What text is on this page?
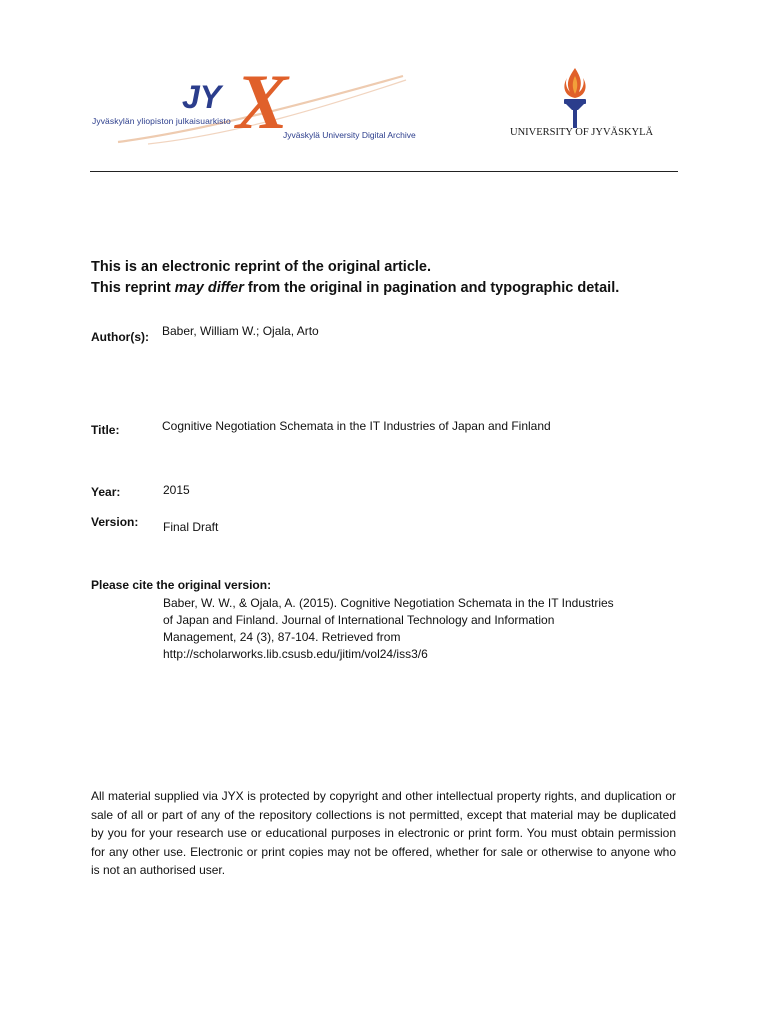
JY X
Jyväskylän yliopiston julkaisuarkisto
Jyväskylä University Digital Archive	UNIVERSITY OF JYVÄSKYLÄ
This is an electronic reprint of the original article.
This reprint may differ from the original in pagination and typographic detail.
Author(s): Baber, William W.; Ojala, Arto
Title:	Cognitive Negotiation Schemata in the IT Industries of Japan and Finland
Year:	2015
Version: Final Draft
Please cite the original version:
Baber, W. W., & Ojala, A. (2015). Cognitive Negotiation Schemata in the IT Industries
of Japan and Finland. Journal of International Technology and Information
Management, 24 (3), 87-104. Retrieved from
http://scholarworks.lib.csusb.edu/jitim/vol24/iss3/6
All material supplied via JYX is protected by copyright and other intellectual property rights, and duplication or sale of all or part of any of the repository collections is not permitted, except that material may be duplicated by you for your research use or educational purposes in electronic or print form. You must obtain permission for any other use. Electronic or print copies may not be offered, whether for sale or otherwise to anyone who is not an authorised user.
